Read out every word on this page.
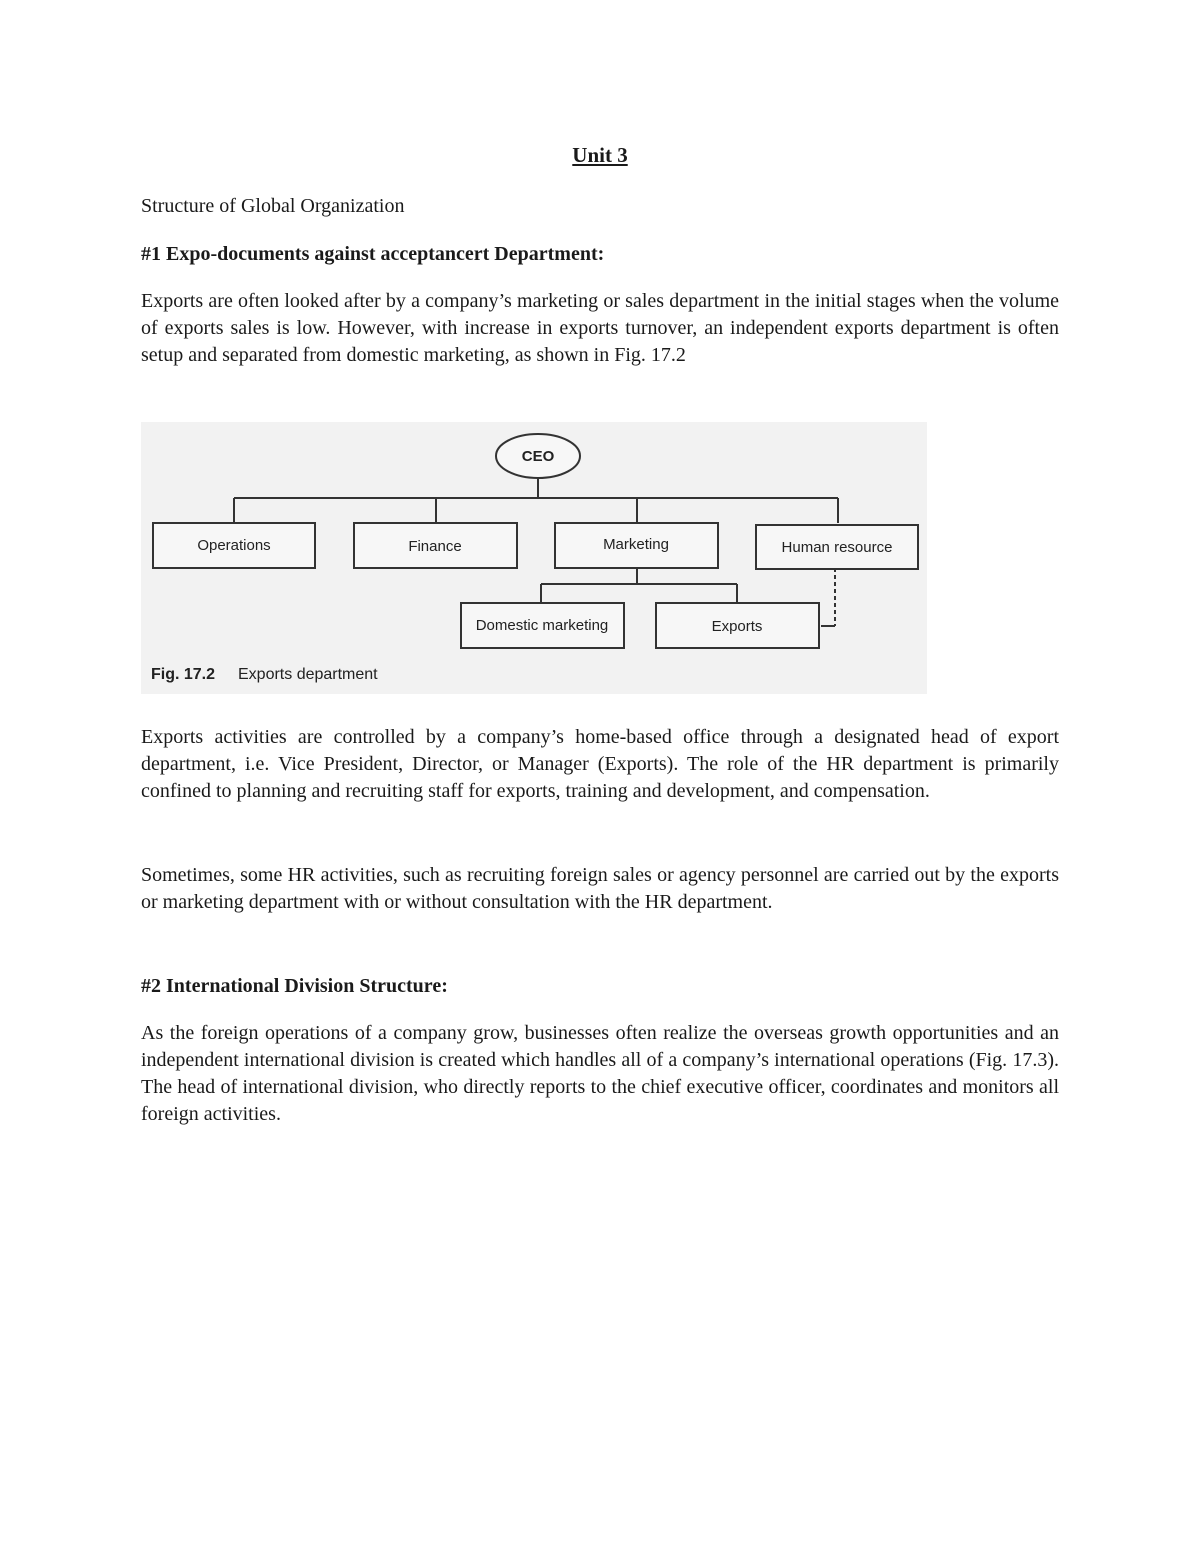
Unit 3
Structure of Global Organization
#1 Expo-documents against acceptancert Department:

Exports are often looked after by a company’s marketing or sales department in the initial stages when the volume of exports sales is low. However, with increase in exports turnover, an independent exports department is often setup and separated from domestic marketing, as shown in Fig. 17.2

CEO
Operations	Finance	Marketing	Human resource
Domestic marketing	Exports
Fig. 17.2 Exports department

Exports activities are controlled by a company’s home-based office through a designated head of export department, i.e. Vice President, Director, or Manager (Exports). The role of the HR department is primarily confined to planning and recruiting staff for exports, training and development, and compensation.

Sometimes, some HR activities, such as recruiting foreign sales or agency personnel are carried out by the exports or marketing department with or without consultation with the HR department.

#2 International Division Structure:

As the foreign operations of a company grow, businesses often realize the overseas growth opportunities and an independent international division is created which handles all of a company’s international operations (Fig. 17.3). The head of international division, who directly reports to the chief executive officer, coordinates and monitors all foreign activities.
